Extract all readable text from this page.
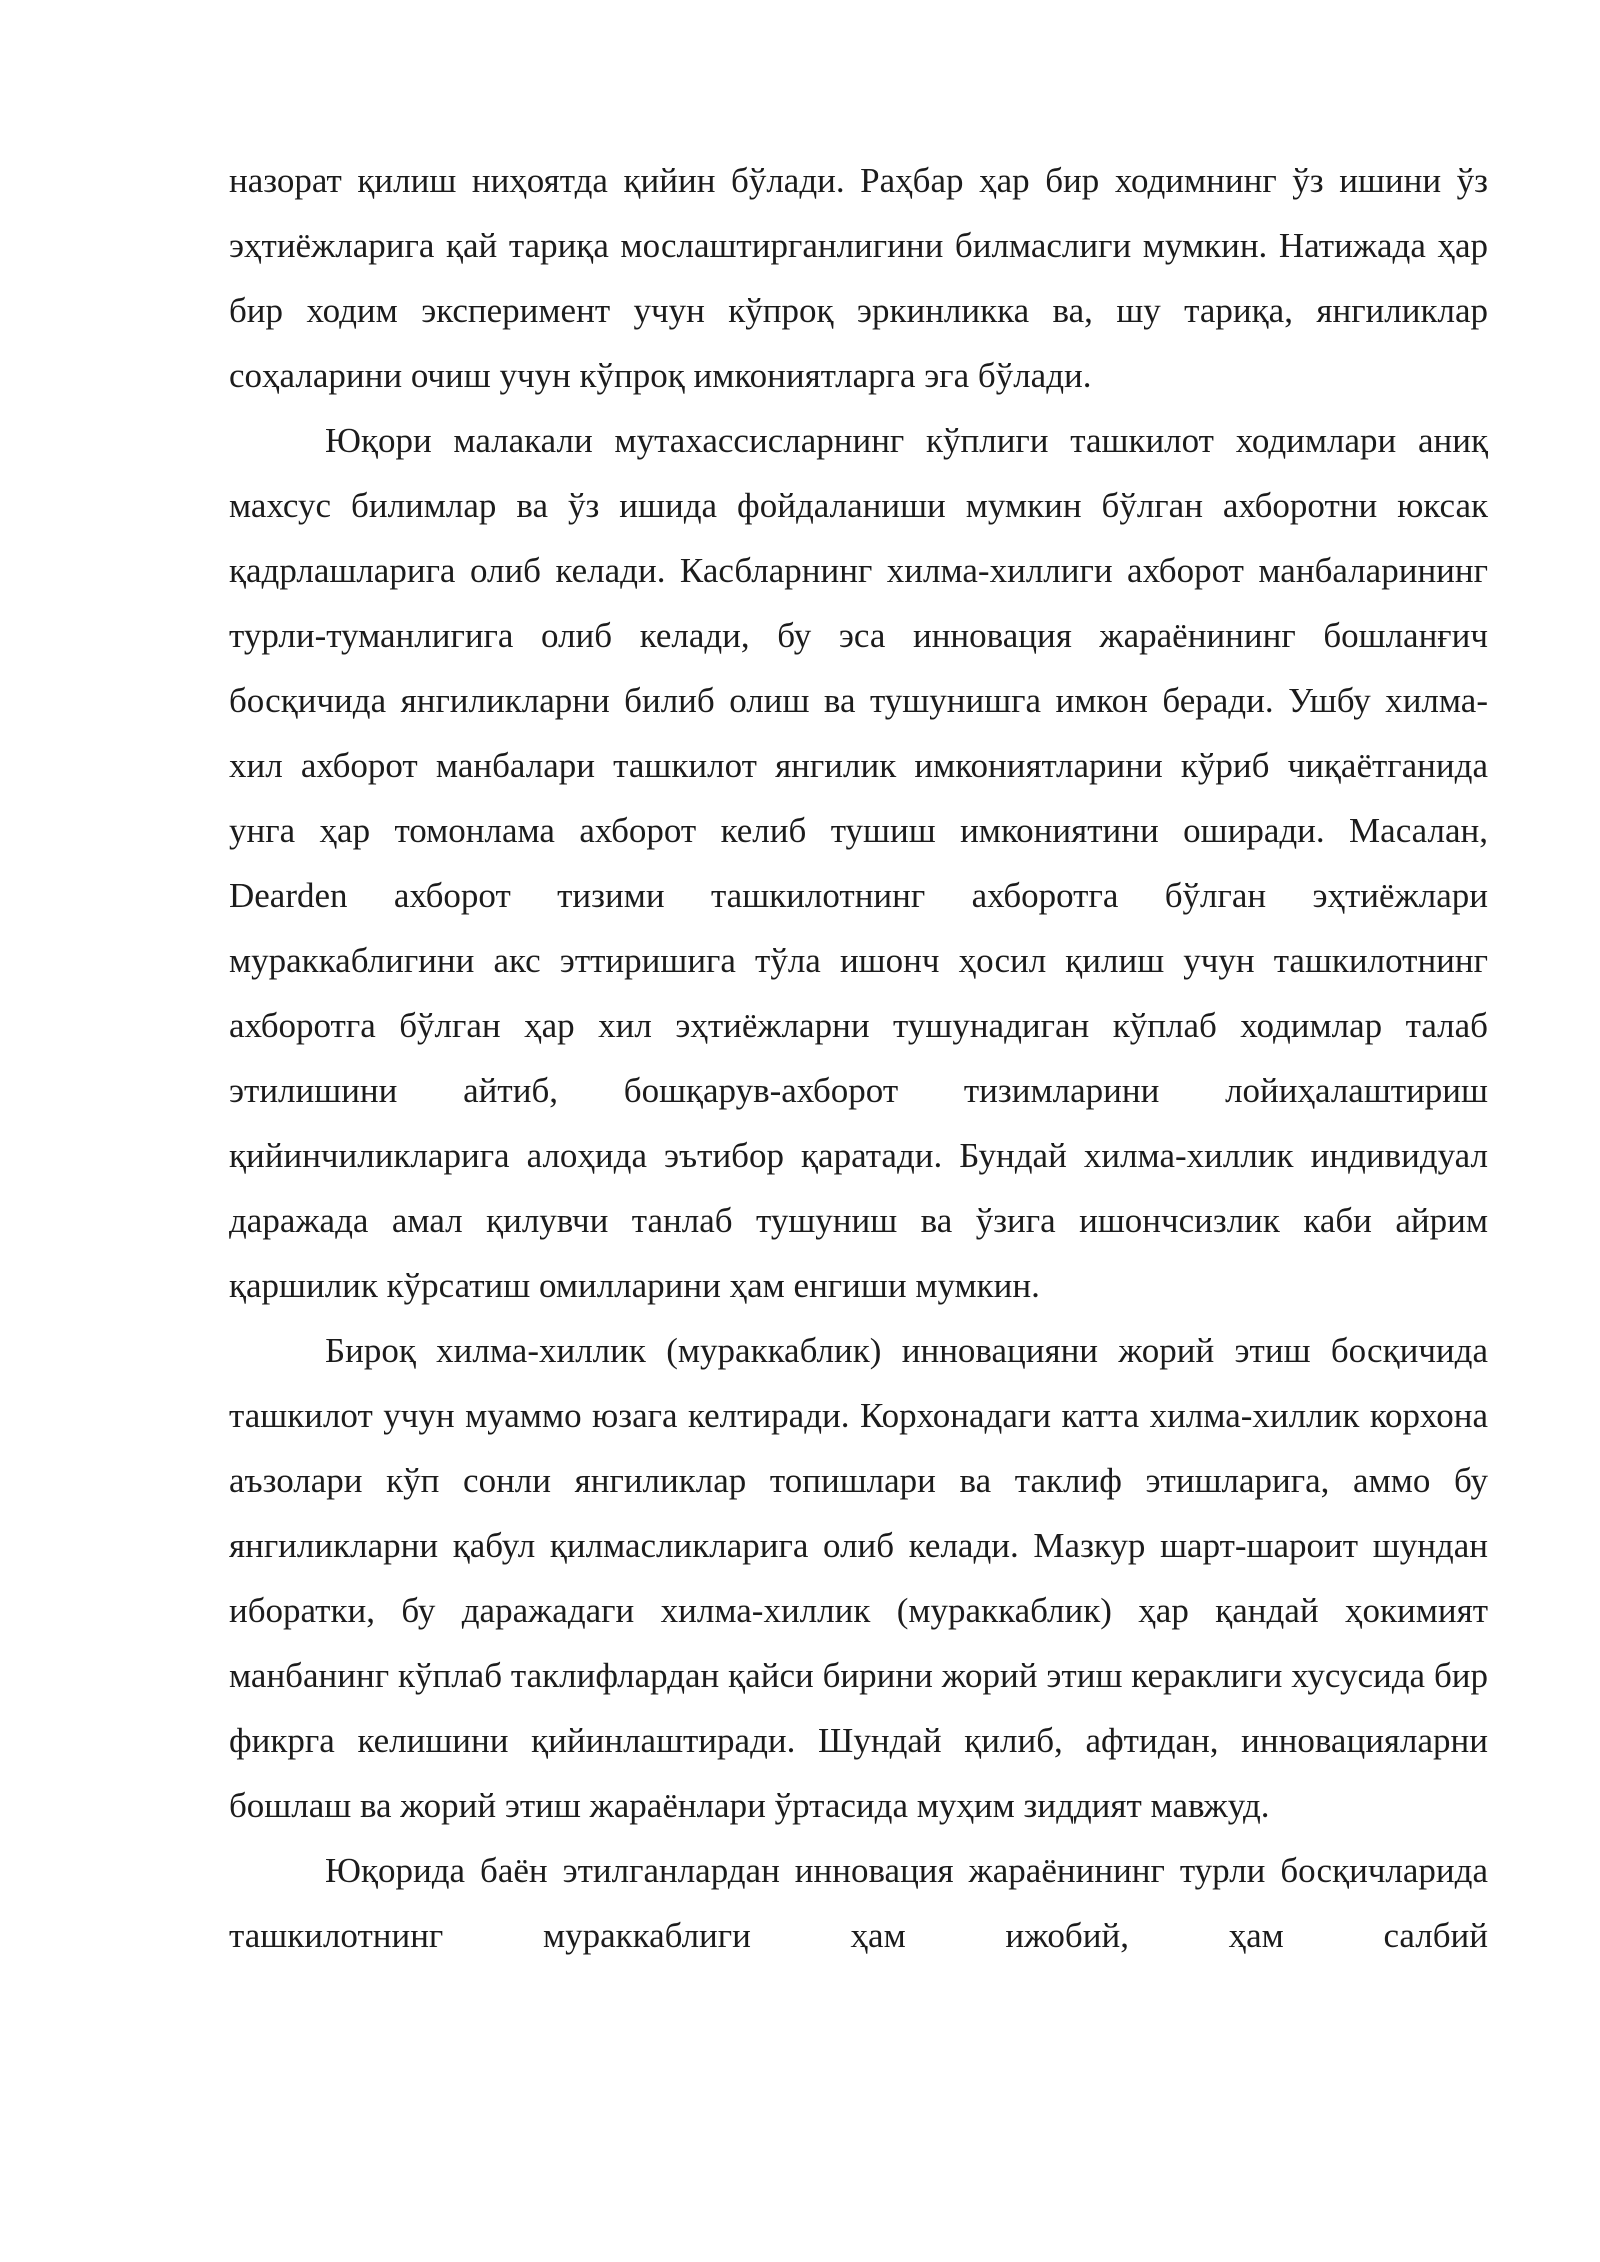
назорат қилиш ниҳоятда қийин бўлади. Раҳбар ҳар бир ходимнинг ўз ишини ўз эҳтиёжларига қай тариқа мослаштирганлигини билмаслиги мумкин. Натижада ҳар бир ходим эксперимент учун кўпроқ эркинликка ва, шу тариқа, янгиликлар соҳаларини очиш учун кўпроқ имкониятларга эга бўлади.

Юқори малакали мутахассисларнинг кўплиги ташкилот ходимлари аниқ махсус билимлар ва ўз ишида фойдаланиши мумкин бўлган ахборотни юксак қадрлашларига олиб келади. Касбларнинг хилма-хиллиги ахборот манбаларининг турли-туманлигига олиб келади, бу эса инновация жараёнининг бошланғич босқичида янгиликларни билиб олиш ва тушунишга имкон беради. Ушбу хилма-хил ахборот манбалари ташкилот янгилик имкониятларини кўриб чиқаётганида унга ҳар томонлама ахборот келиб тушиш имкониятини оширади. Масалан, Dearden ахборот тизими ташкилотнинг ахборотга бўлган эҳтиёжлари мураккаблигини акс эттиришига тўла ишонч ҳосил қилиш учун ташкилотнинг ахборотга бўлган ҳар хил эҳтиёжларни тушунадиган кўплаб ходимлар талаб этилишини айтиб, бошқарув-ахборот тизимларини лойиҳалаштириш қийинчиликларига алоҳида эътибор қаратади. Бундай хилма-хиллик индивидуал даражада амал қилувчи танлаб тушуниш ва ўзига ишончсизлик каби айрим қаршилик кўрсатиш омилларини ҳам енгиши мумкин.

Бироқ хилма-хиллик (мураккаблик) инновацияни жорий этиш босқичида ташкилот учун муаммо юзага келтиради. Корхонадаги катта хилма-хиллик корхона аъзолари кўп сонли янгиликлар топишлари ва таклиф этишларига, аммо бу янгиликларни қабул қилмасликларига олиб келади. Мазкур шарт-шароит шундан иборатки, бу даражадаги хилма-хиллик (мураккаблик) ҳар қандай ҳокимият манбанинг кўплаб таклифлардан қайси бирини жорий этиш кераклиги хусусида бир фикрга келишини қийинлаштиради. Шундай қилиб, афтидан, инновацияларни бошлаш ва жорий этиш жараёнлари ўртасида муҳим зиддият мавжуд.

Юқорида баён этилганлардан инновация жараёнининг турли босқичларида ташкилотнинг мураккаблиги ҳам ижобий, ҳам салбий
